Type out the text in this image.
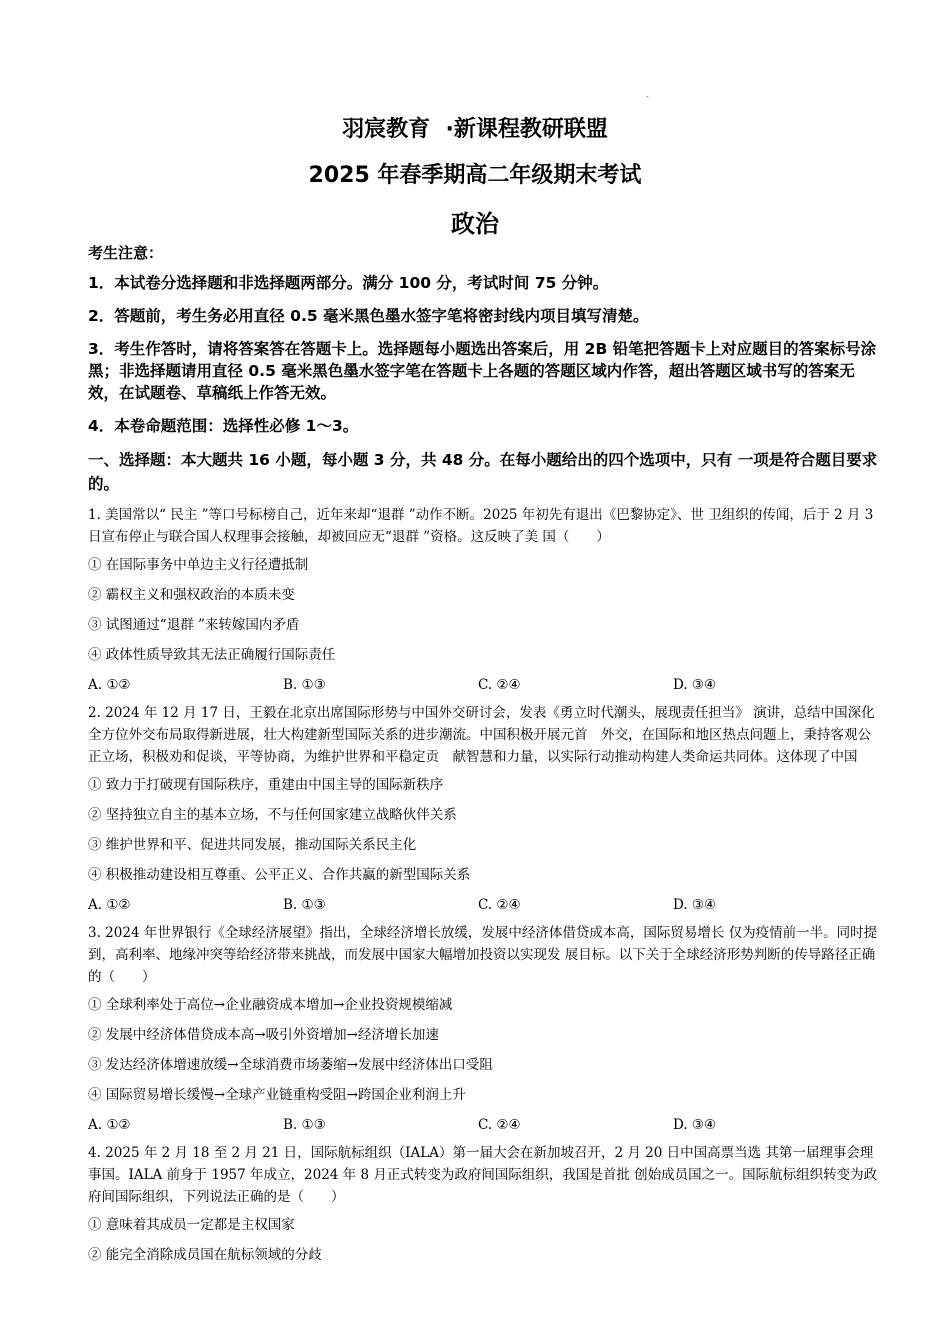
-
羽宸教育  ·新课程教研联盟
2025 年春季期高二年级期末考试
政治
考生注意：
1．本试卷分选择题和非选择题两部分。满分 100 分，考试时间 75 分钟。
2．答题前，考生务必用直径 0.5 毫米黑色墨水签字笔将密封线内项目填写清楚。
3．考生作答时，请将答案答在答题卡上。选择题每小题选出答案后，用 2B 铅笔把答题卡上对应题目的答案标号涂黑；非选择题请用直径 0.5 毫米黑色墨水签字笔在答题卡上各题的答题区域内作答，超出答题区域书写的答案无效，在试题卷、草稿纸上作答无效。
4．本卷命题范围：选择性必修 1～3。
一、选择题：本大题共 16 小题，每小题 3 分，共 48 分。在每小题给出的四个选项中，只有 一项是符合题目要求的。
1. 美国常以“ 民主 ”等口号标榜自己，近年来却“退群 ”动作不断。2025 年初先有退出《巴黎协定》、世 卫组织的传闻，后于 2 月 3 日宣布停止与联合国人权理事会接触，却被回应无“退群 ”资格。这反映了美 国（　　）
① 在国际事务中单边主义行径遭抵制
② 霸权主义和强权政治的本质未变
③ 试图通过“退群 ”来转嫁国内矛盾
④ 政体性质导致其无法正确履行国际责任
A. ①②	B. ①③	C. ②④	D. ③④
2. 2024 年 12 月 17 日，王毅在北京出席国际形势与中国外交研讨会，发表《勇立时代潮头，展现责任担当》 演讲，总结中国深化全方位外交布局取得新进展，壮大构建新型国际关系的进步潮流。中国积极开展元首　外交，在国际和地区热点问题上，秉持客观公正立场，积极劝和促谈，平等协商，为维护世界和平稳定贡　献智慧和力量，以实际行动推动构建人类命运共同体。这体现了中国
① 致力于打破现有国际秩序，重建由中国主导的国际新秩序
② 坚持独立自主的基本立场，不与任何国家建立战略伙伴关系
③ 维护世界和平、促进共同发展，推动国际关系民主化
④ 积极推动建设相互尊重、公平正义、合作共赢的新型国际关系
A. ①②	B. ①③	C. ②④	D. ③④
3. 2024 年世界银行《全球经济展望》指出，全球经济增长放缓，发展中经济体借贷成本高，国际贸易增长 仅为疫情前一半。同时提到，高利率、地缘冲突等给经济带来挑战，而发展中国家大幅增加投资以实现发 展目标。以下关于全球经济形势判断的传导路径正确的（　　）
① 全球利率处于高位→企业融资成本增加→企业投资规模缩减
② 发展中经济体借贷成本高→吸引外资增加→经济增长加速
③ 发达经济体增速放缓→全球消费市场萎缩→发展中经济体出口受阻
④ 国际贸易增长缓慢→全球产业链重构受阻→跨国企业利润上升
A. ①②	B. ①③	C. ②④	D. ③④
4. 2025 年 2 月 18 至 2 月 21 日，国际航标组织（IALA）第一届大会在新加坡召开，2 月 20 日中国高票当选 其第一届理事会理事国。IALA 前身于 1957 年成立，2024 年 8 月正式转变为政府间国际组织，我国是首批 创始成员国之一。国际航标组织转变为政府间国际组织，下列说法正确的是（　　）
① 意味着其成员一定都是主权国家
② 能完全消除成员国在航标领域的分歧
